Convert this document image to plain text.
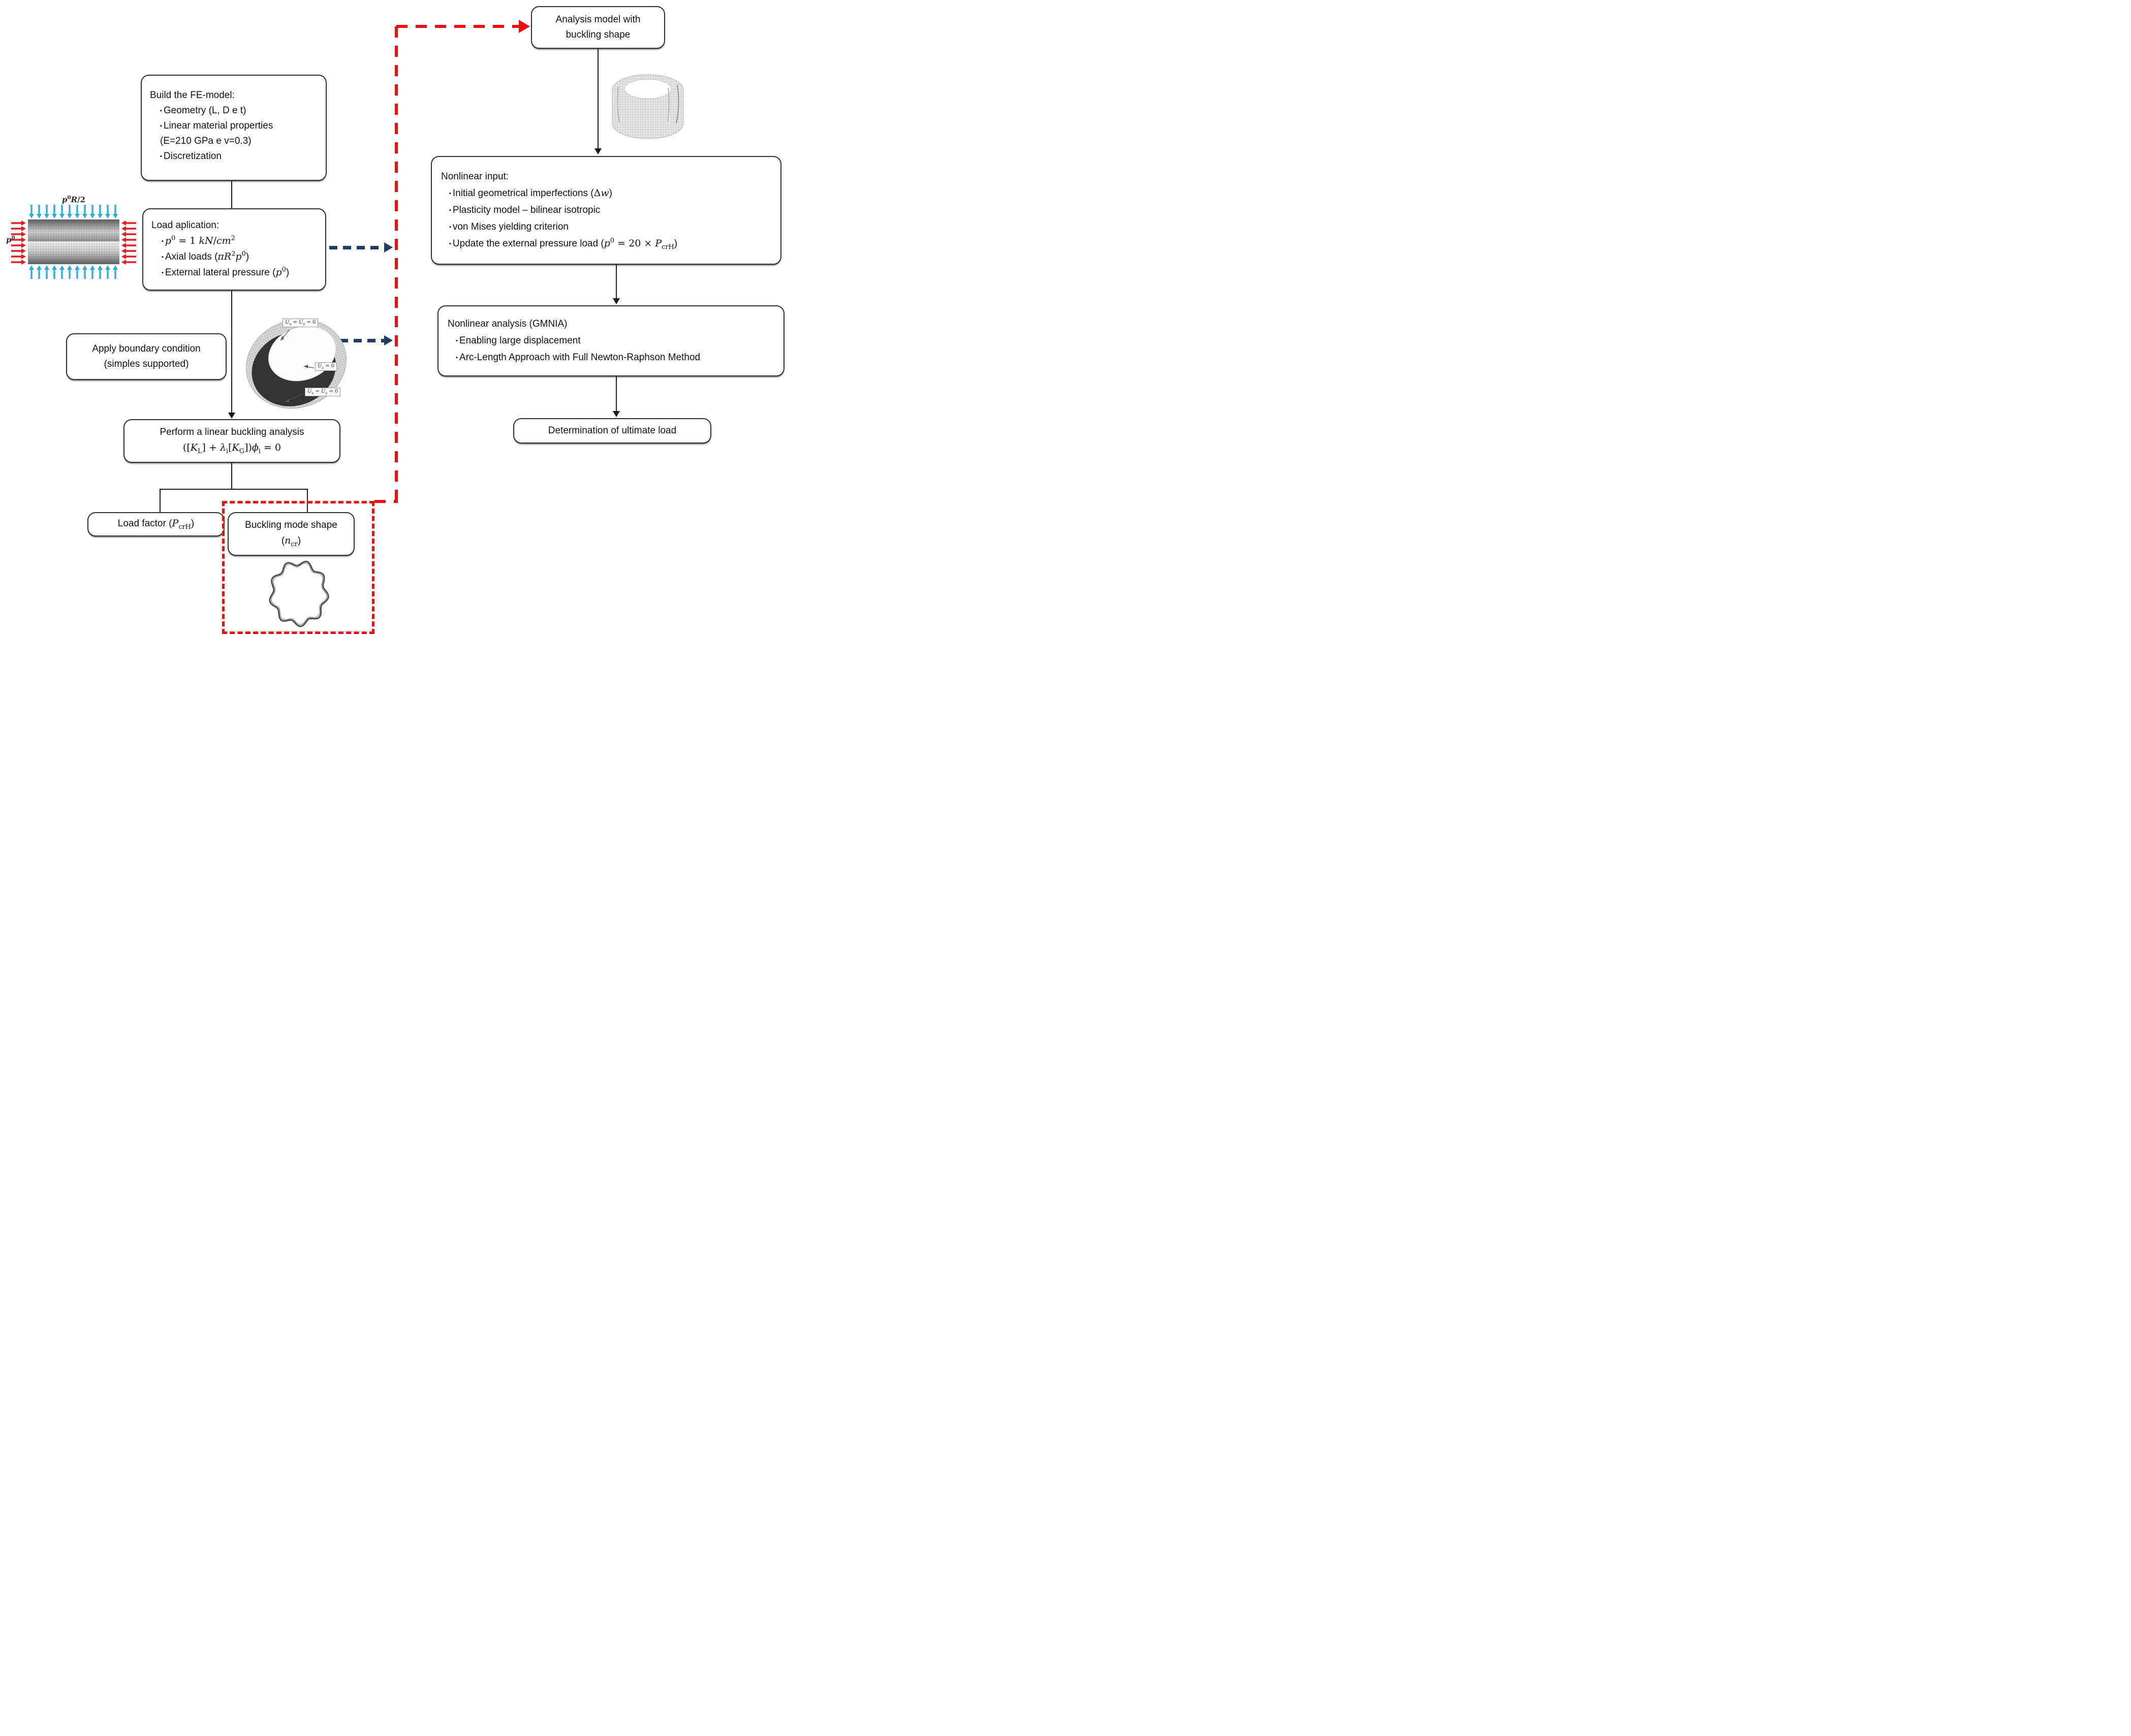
Analysis model with buckling shape
Build the FE-model:
▪ Geometry (L, D e t)
▪ Linear material properties
(E=210 GPa e v=0.3)
▪ Discretization
Load aplication:
▪ $p^0 = 1$ $kN/cm^2$
▪ Axial loads $(\pi R^2p^0)$
▪ External lateral pressure $(p^0)$
Apply boundary condition
(simples supported)
Perform a linear buckling analysis
$([K_L] + \lambda_i[K_G])\phi_i = 0$
Load factor $(P_{crH})$	Buckling mode shape
$(n_{cr})$
Nonlinear input:
▪ Initial geometrical imperfections (Δw)
▪ Plasticity model – bilinear isotropic
▪ von Mises yielding criterion
▪ Update the external pressure load $(p^0 = 20 \times P_{crH})$
Nonlinear analysis (GMNIA)
▪ Enabling large displacement
▪ Arc-Length Approach with Full Newton-Raphson Method
Determination of ultimate load
$p^0R/2$
$p^0$
$U_x = U_y = 0$
$U_z = 0$
$U_x = U_y = 0$
